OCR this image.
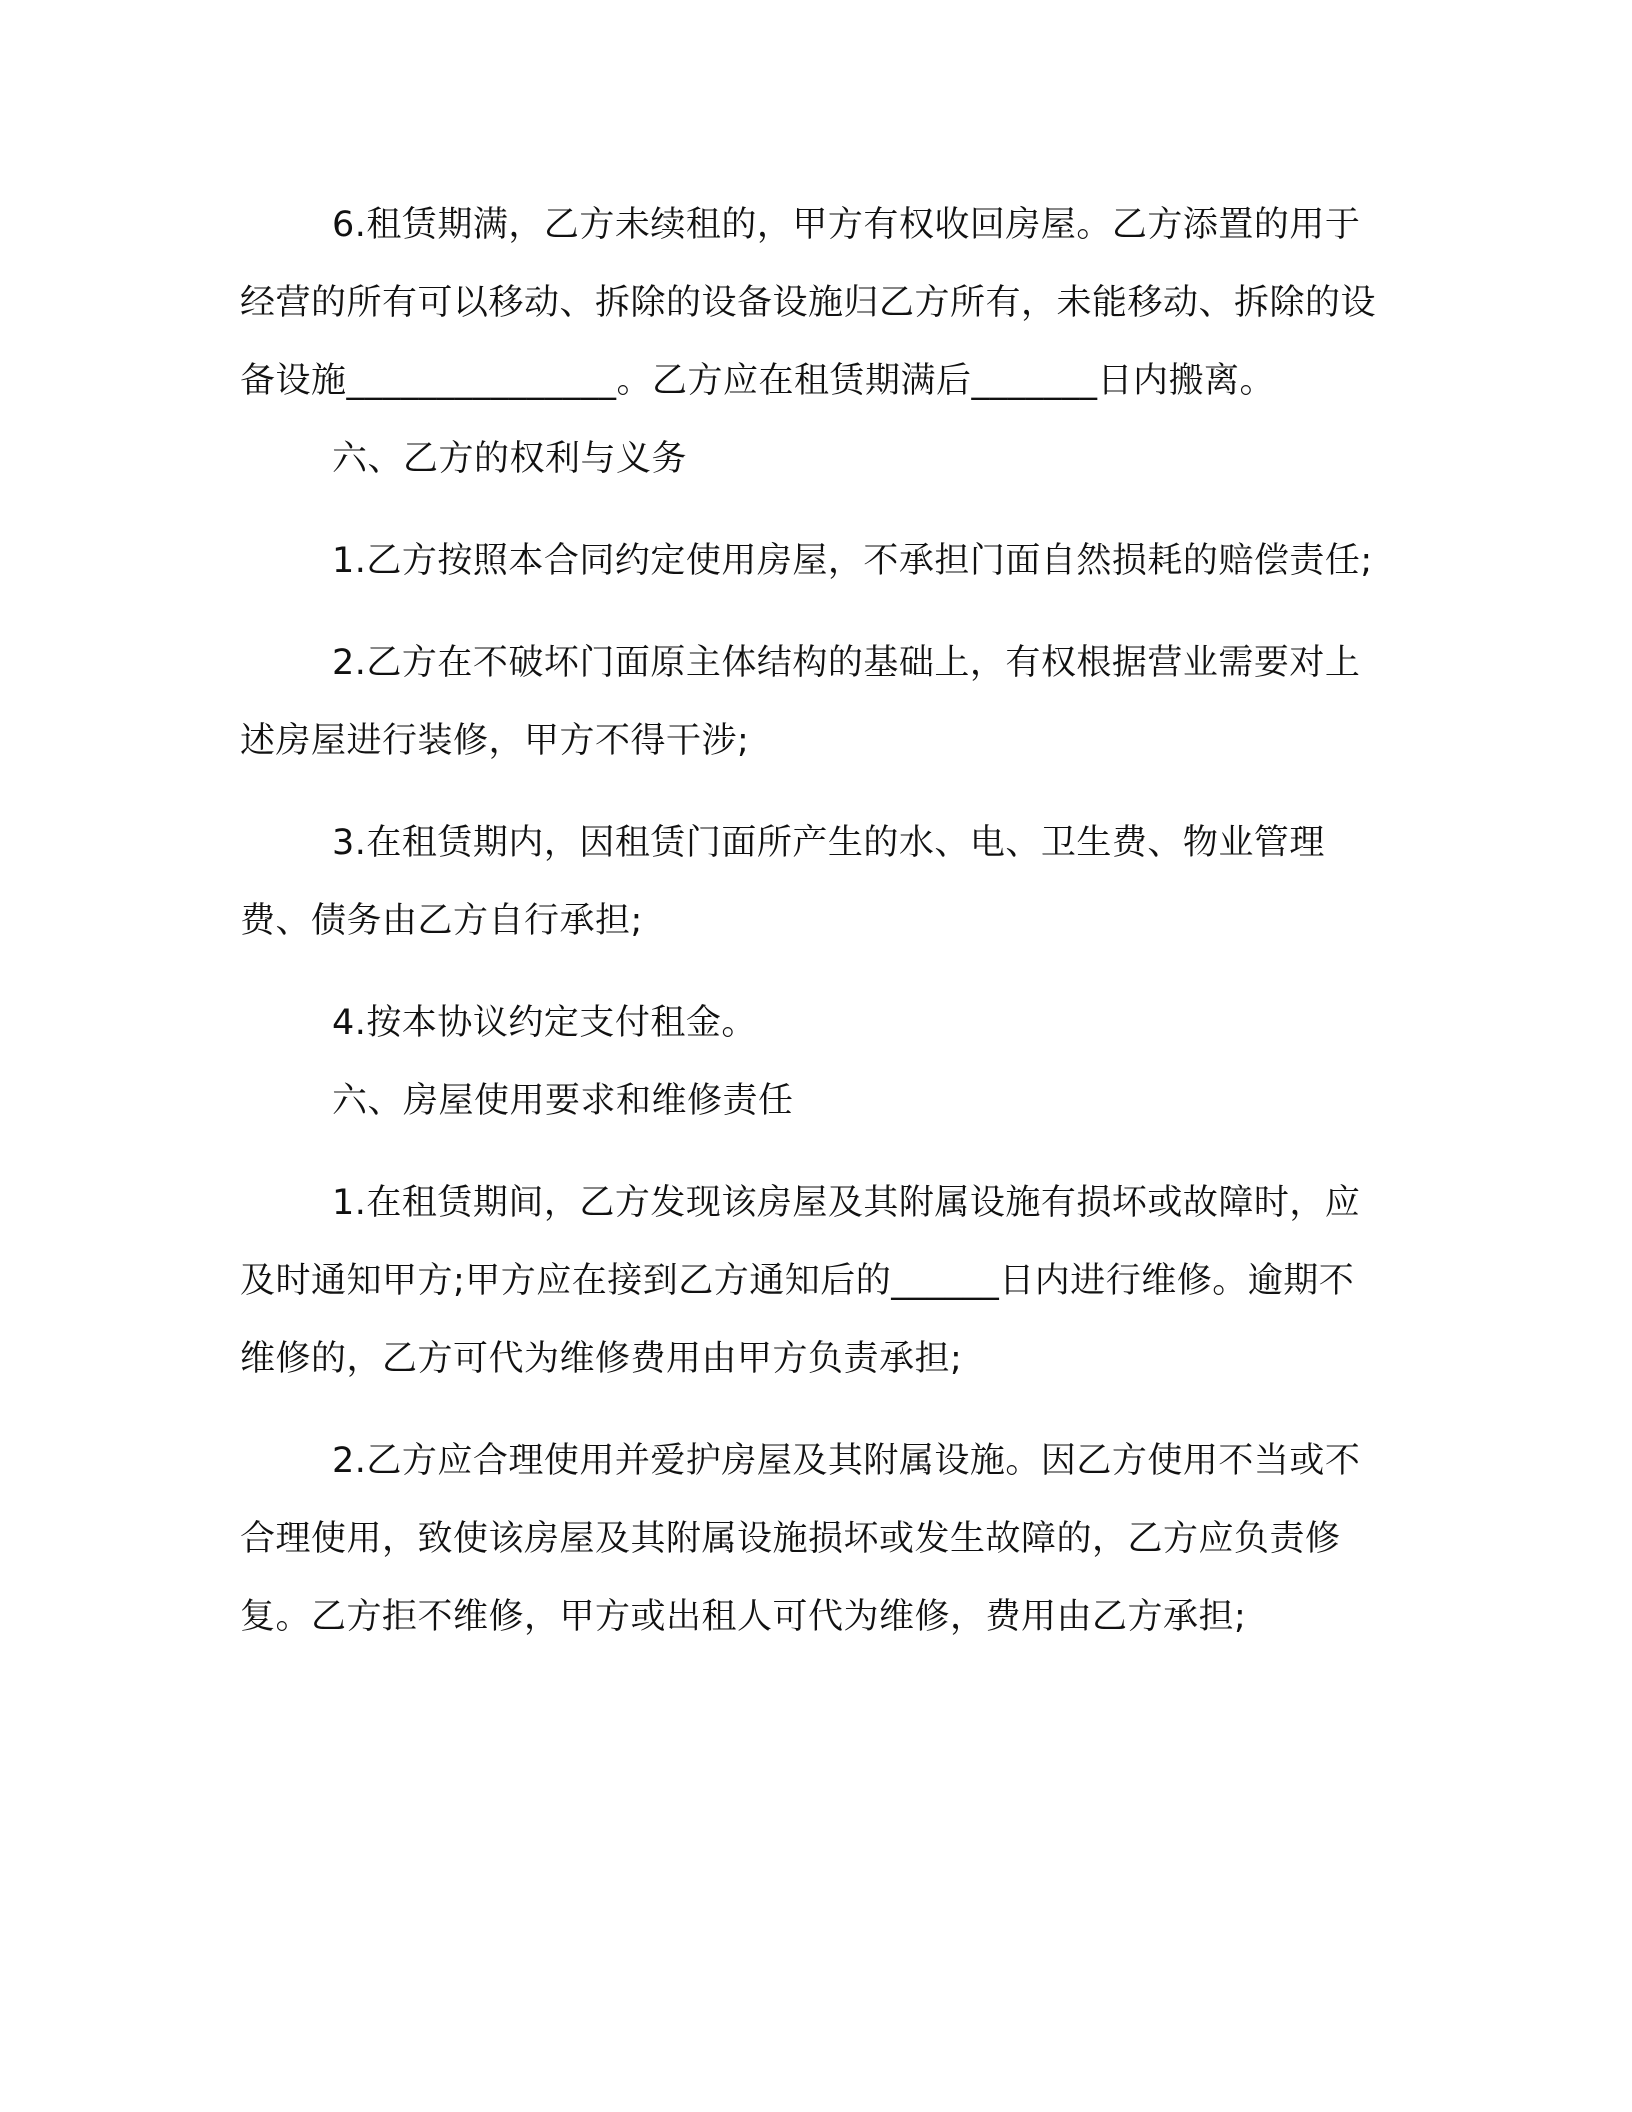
6.租赁期满，乙方未续租的，甲方有权收回房屋。乙方添置的用于经营的所有可以移动、拆除的设备设施归乙方所有，未能移动、拆除的设备设施_______________。乙方应在租赁期满后_______日内搬离。

六、乙方的权利与义务

1.乙方按照本合同约定使用房屋，不承担门面自然损耗的赔偿责任;

2.乙方在不破坏门面原主体结构的基础上，有权根据营业需要对上述房屋进行装修，甲方不得干涉;

3.在租赁期内，因租赁门面所产生的水、电、卫生费、物业管理费、债务由乙方自行承担;

4.按本协议约定支付租金。

六、房屋使用要求和维修责任

1.在租赁期间，乙方发现该房屋及其附属设施有损坏或故障时，应及时通知甲方;甲方应在接到乙方通知后的______日内进行维修。逾期不维修的，乙方可代为维修费用由甲方负责承担;

2.乙方应合理使用并爱护房屋及其附属设施。因乙方使用不当或不合理使用，致使该房屋及其附属设施损坏或发生故障的，乙方应负责修复。乙方拒不维修，甲方或出租人可代为维修，费用由乙方承担;
